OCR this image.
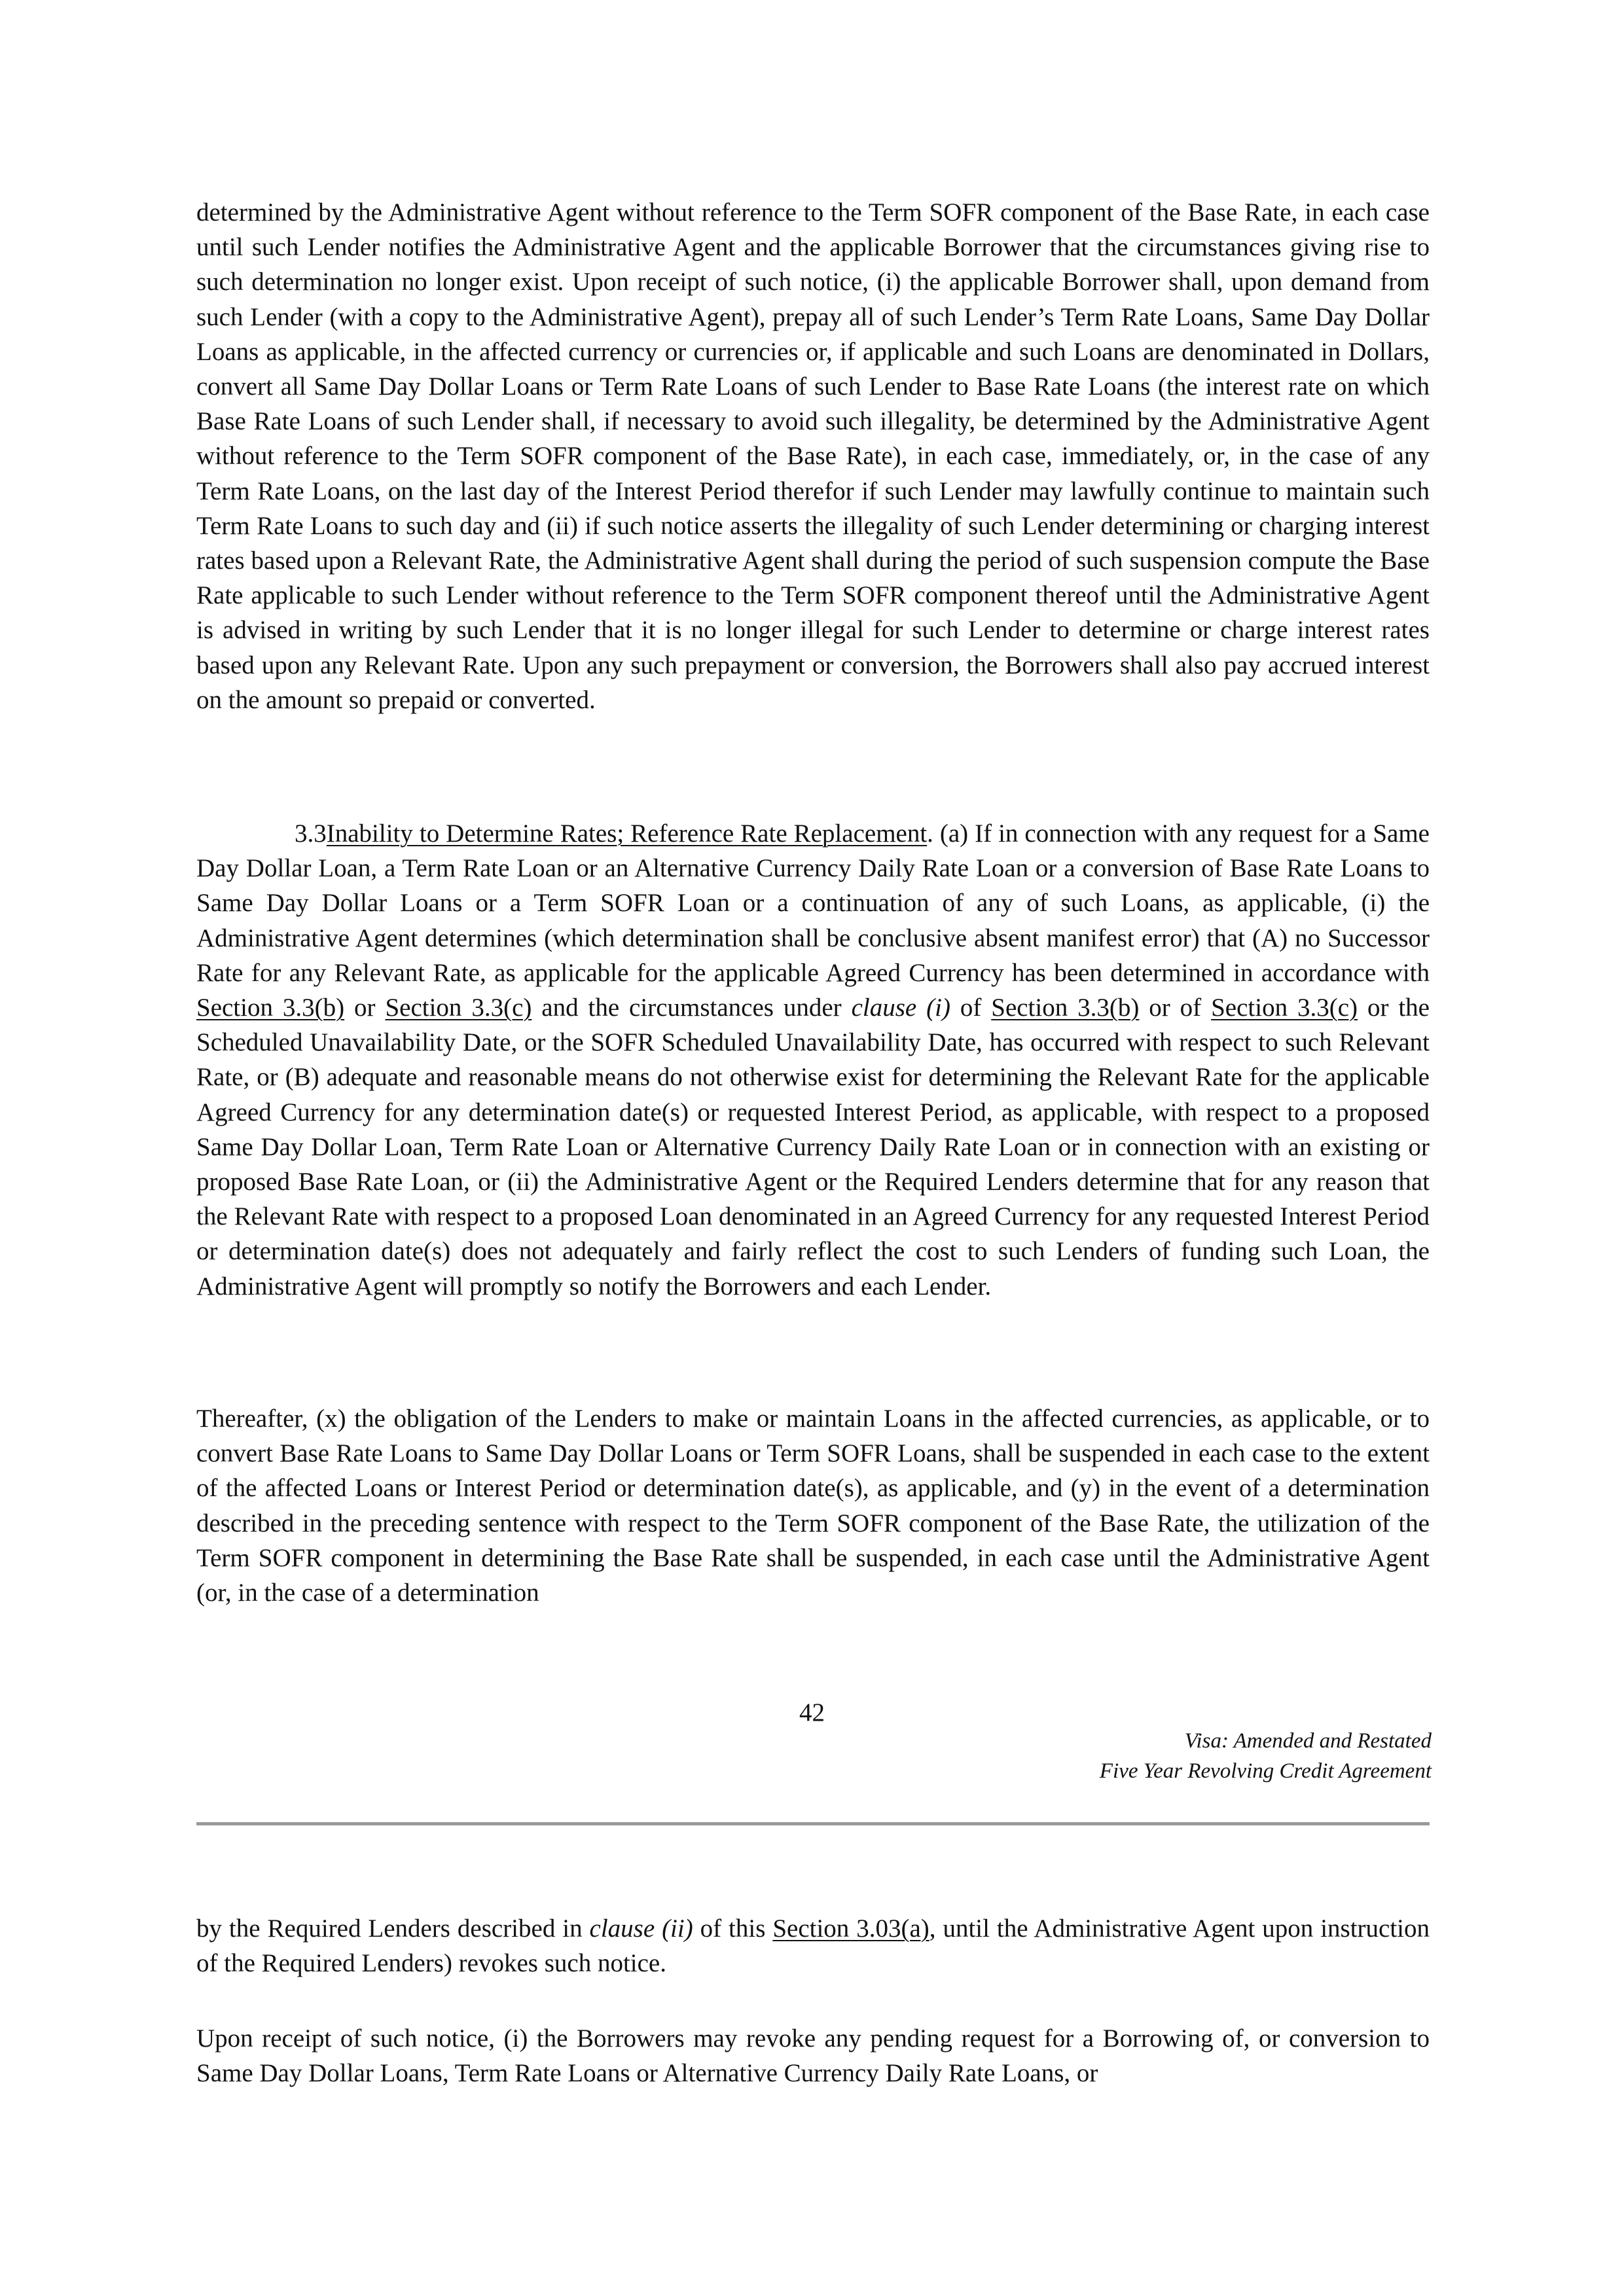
determined by the Administrative Agent without reference to the Term SOFR component of the Base Rate, in each case until such Lender notifies the Administrative Agent and the applicable Borrower that the circumstances giving rise to such determination no longer exist. Upon receipt of such notice, (i) the applicable Borrower shall, upon demand from such Lender (with a copy to the Administrative Agent), prepay all of such Lender’s Term Rate Loans, Same Day Dollar Loans as applicable, in the affected currency or currencies or, if applicable and such Loans are denominated in Dollars, convert all Same Day Dollar Loans or Term Rate Loans of such Lender to Base Rate Loans (the interest rate on which Base Rate Loans of such Lender shall, if necessary to avoid such illegality, be determined by the Administrative Agent without reference to the Term SOFR component of the Base Rate), in each case, immediately, or, in the case of any Term Rate Loans, on the last day of the Interest Period therefor if such Lender may lawfully continue to maintain such Term Rate Loans to such day and (ii) if such notice asserts the illegality of such Lender determining or charging interest rates based upon a Relevant Rate, the Administrative Agent shall during the period of such suspension compute the Base Rate applicable to such Lender without reference to the Term SOFR component thereof until the Administrative Agent is advised in writing by such Lender that it is no longer illegal for such Lender to determine or charge interest rates based upon any Relevant Rate. Upon any such prepayment or conversion, the Borrowers shall also pay accrued interest on the amount so prepaid or converted.

3.3Inability to Determine Rates; Reference Rate Replacement. (a) If in connection with any request for a Same Day Dollar Loan, a Term Rate Loan or an Alternative Currency Daily Rate Loan or a conversion of Base Rate Loans to Same Day Dollar Loans or a Term SOFR Loan or a continuation of any of such Loans, as applicable, (i) the Administrative Agent determines (which determination shall be conclusive absent manifest error) that (A) no Successor Rate for any Relevant Rate, as applicable for the applicable Agreed Currency has been determined in accordance with Section 3.3(b) or Section 3.3(c) and the circumstances under clause (i) of Section 3.3(b) or of Section 3.3(c) or the Scheduled Unavailability Date, or the SOFR Scheduled Unavailability Date, has occurred with respect to such Relevant Rate, or (B) adequate and reasonable means do not otherwise exist for determining the Relevant Rate for the applicable Agreed Currency for any determination date(s) or requested Interest Period, as applicable, with respect to a proposed Same Day Dollar Loan, Term Rate Loan or Alternative Currency Daily Rate Loan or in connection with an existing or proposed Base Rate Loan, or (ii) the Administrative Agent or the Required Lenders determine that for any reason that the Relevant Rate with respect to a proposed Loan denominated in an Agreed Currency for any requested Interest Period or determination date(s) does not adequately and fairly reflect the cost to such Lenders of funding such Loan, the Administrative Agent will promptly so notify the Borrowers and each Lender.

Thereafter, (x) the obligation of the Lenders to make or maintain Loans in the affected currencies, as applicable, or to convert Base Rate Loans to Same Day Dollar Loans or Term SOFR Loans, shall be suspended in each case to the extent of the affected Loans or Interest Period or determination date(s), as applicable, and (y) in the event of a determination described in the preceding sentence with respect to the Term SOFR component of the Base Rate, the utilization of the Term SOFR component in determining the Base Rate shall be suspended, in each case until the Administrative Agent (or, in the case of a determination

42

Visa: Amended and Restated

Five Year Revolving Credit Agreement

by the Required Lenders described in clause (ii) of this Section 3.03(a), until the Administrative Agent upon instruction of the Required Lenders) revokes such notice.

Upon receipt of such notice, (i) the Borrowers may revoke any pending request for a Borrowing of, or conversion to Same Day Dollar Loans, Term Rate Loans or Alternative Currency Daily Rate Loans, or
